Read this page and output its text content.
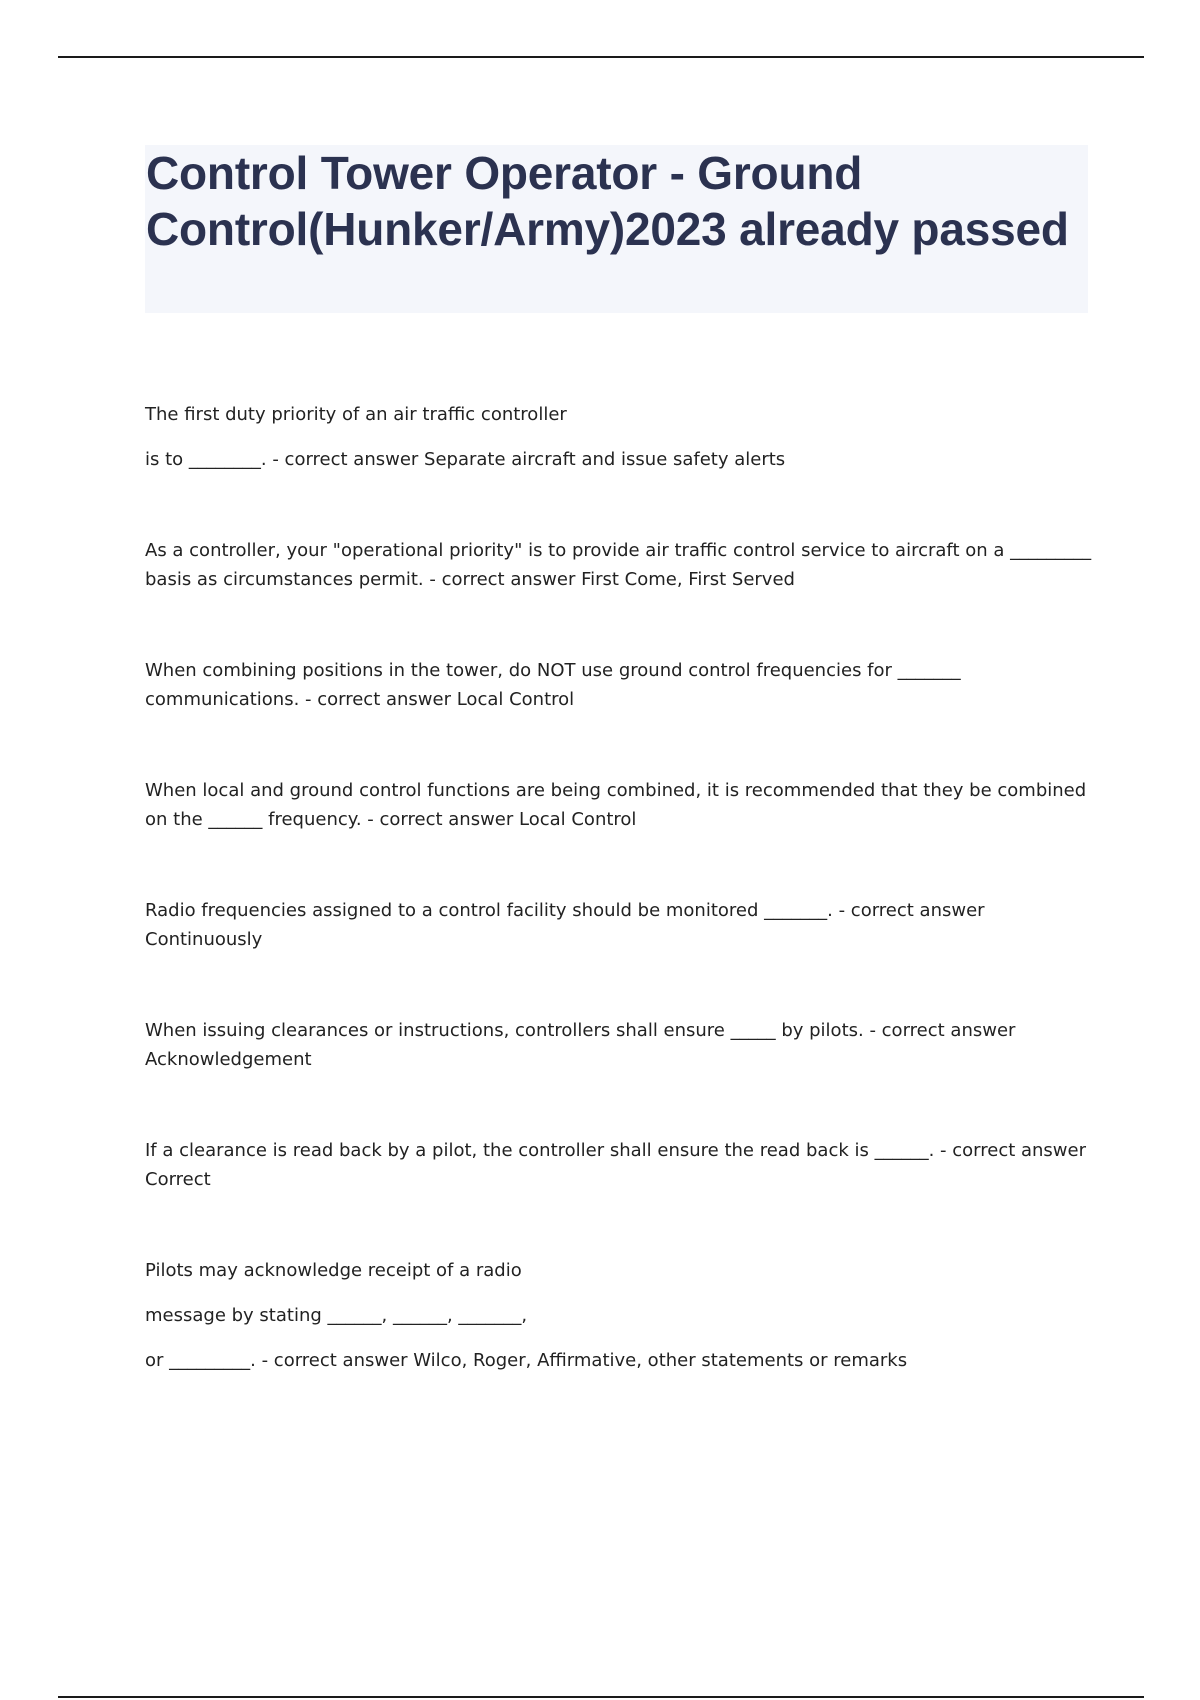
Control Tower Operator - Ground Control(Hunker/Army)2023 already passed

The first duty priority of an air traffic controller

is to ________. - correct answer Separate aircraft and issue safety alerts

As a controller, your "operational priority" is to provide air traffic control service to aircraft on a _________ basis as circumstances permit. - correct answer First Come, First Served

When combining positions in the tower, do NOT use ground control frequencies for _______ communications. - correct answer Local Control

When local and ground control functions are being combined, it is recommended that they be combined on the ______ frequency. - correct answer Local Control

Radio frequencies assigned to a control facility should be monitored _______. - correct answer Continuously

When issuing clearances or instructions, controllers shall ensure _____ by pilots. - correct answer Acknowledgement

If a clearance is read back by a pilot, the controller shall ensure the read back is ______. - correct answer Correct

Pilots may acknowledge receipt of a radio

message by stating ______, ______, _______,

or _________. - correct answer Wilco, Roger, Affirmative, other statements or remarks
